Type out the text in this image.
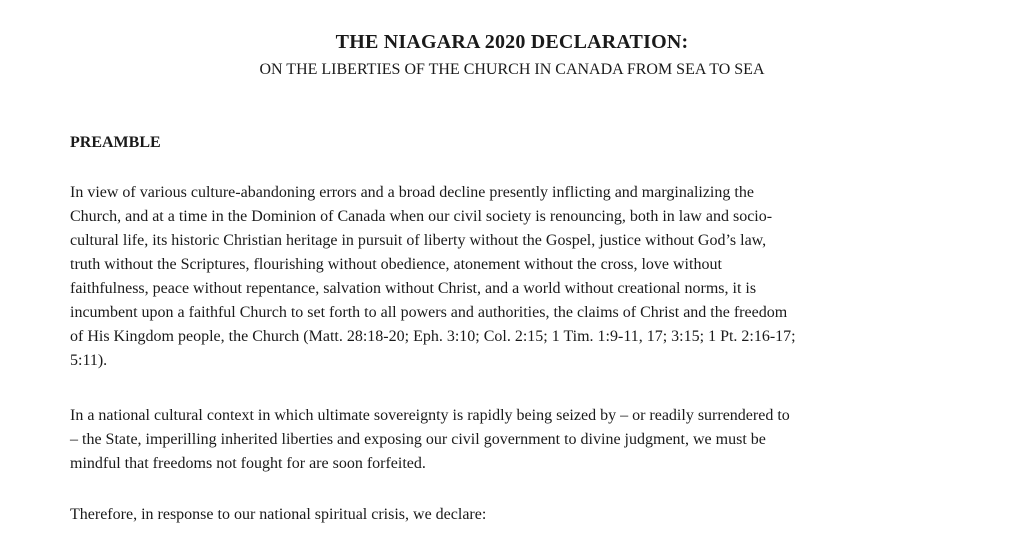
THE NIAGARA 2020 DECLARATION:
ON THE LIBERTIES OF THE CHURCH IN CANADA FROM SEA TO SEA
PREAMBLE
In view of various culture-abandoning errors and a broad decline presently inflicting and marginalizing the
Church, and at a time in the Dominion of Canada when our civil society is renouncing, both in law and socio-
cultural life, its historic Christian heritage in pursuit of liberty without the Gospel, justice without God’s law,
truth without the Scriptures, flourishing without obedience, atonement without the cross, love without
faithfulness, peace without repentance, salvation without Christ, and a world without creational norms, it is
incumbent upon a faithful Church to set forth to all powers and authorities, the claims of Christ and the freedom
of His Kingdom people, the Church (Matt. 28:18-20; Eph. 3:10; Col. 2:15; 1 Tim. 1:9-11, 17; 3:15; 1 Pt. 2:16-17;
5:11).
In a national cultural context in which ultimate sovereignty is rapidly being seized by – or readily surrendered to
– the State, imperilling inherited liberties and exposing our civil government to divine judgment, we must be
mindful that freedoms not fought for are soon forfeited.
Therefore, in response to our national spiritual crisis, we declare:
